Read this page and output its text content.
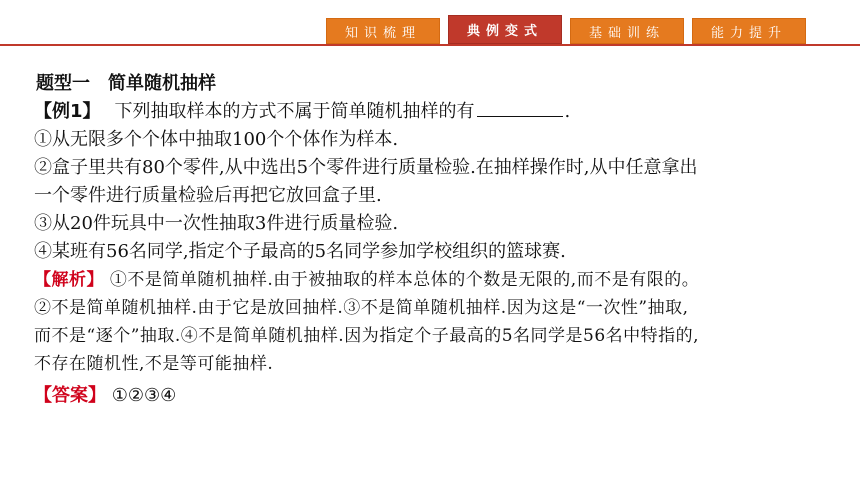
知识梳理	典例变式	基础训练	能力提升
题型一 简单随机抽样
【例1】 下列抽取样本的方式不属于简单随机抽样的有	.
①从无限多个个体中抽取100个个体作为样本.
②盒子里共有80个零件,从中选出5个零件进行质量检验.在抽样操作时,从中任意拿出
一个零件进行质量检验后再把它放回盒子里.
③从20件玩具中一次性抽取3件进行质量检验.
④某班有56名同学,指定个子最高的5名同学参加学校组织的篮球赛.
【解析】 ①不是简单随机抽样.由于被抽取的样本总体的个数是无限的,而不是有限的。
②不是简单随机抽样.由于它是放回抽样.③不是简单随机抽样.因为这是“一次性”抽取,
而不是“逐个”抽取.④不是简单随机抽样.因为指定个子最高的5名同学是56名中特指的,
不存在随机性,不是等可能抽样.
【答案】 ①②③④
